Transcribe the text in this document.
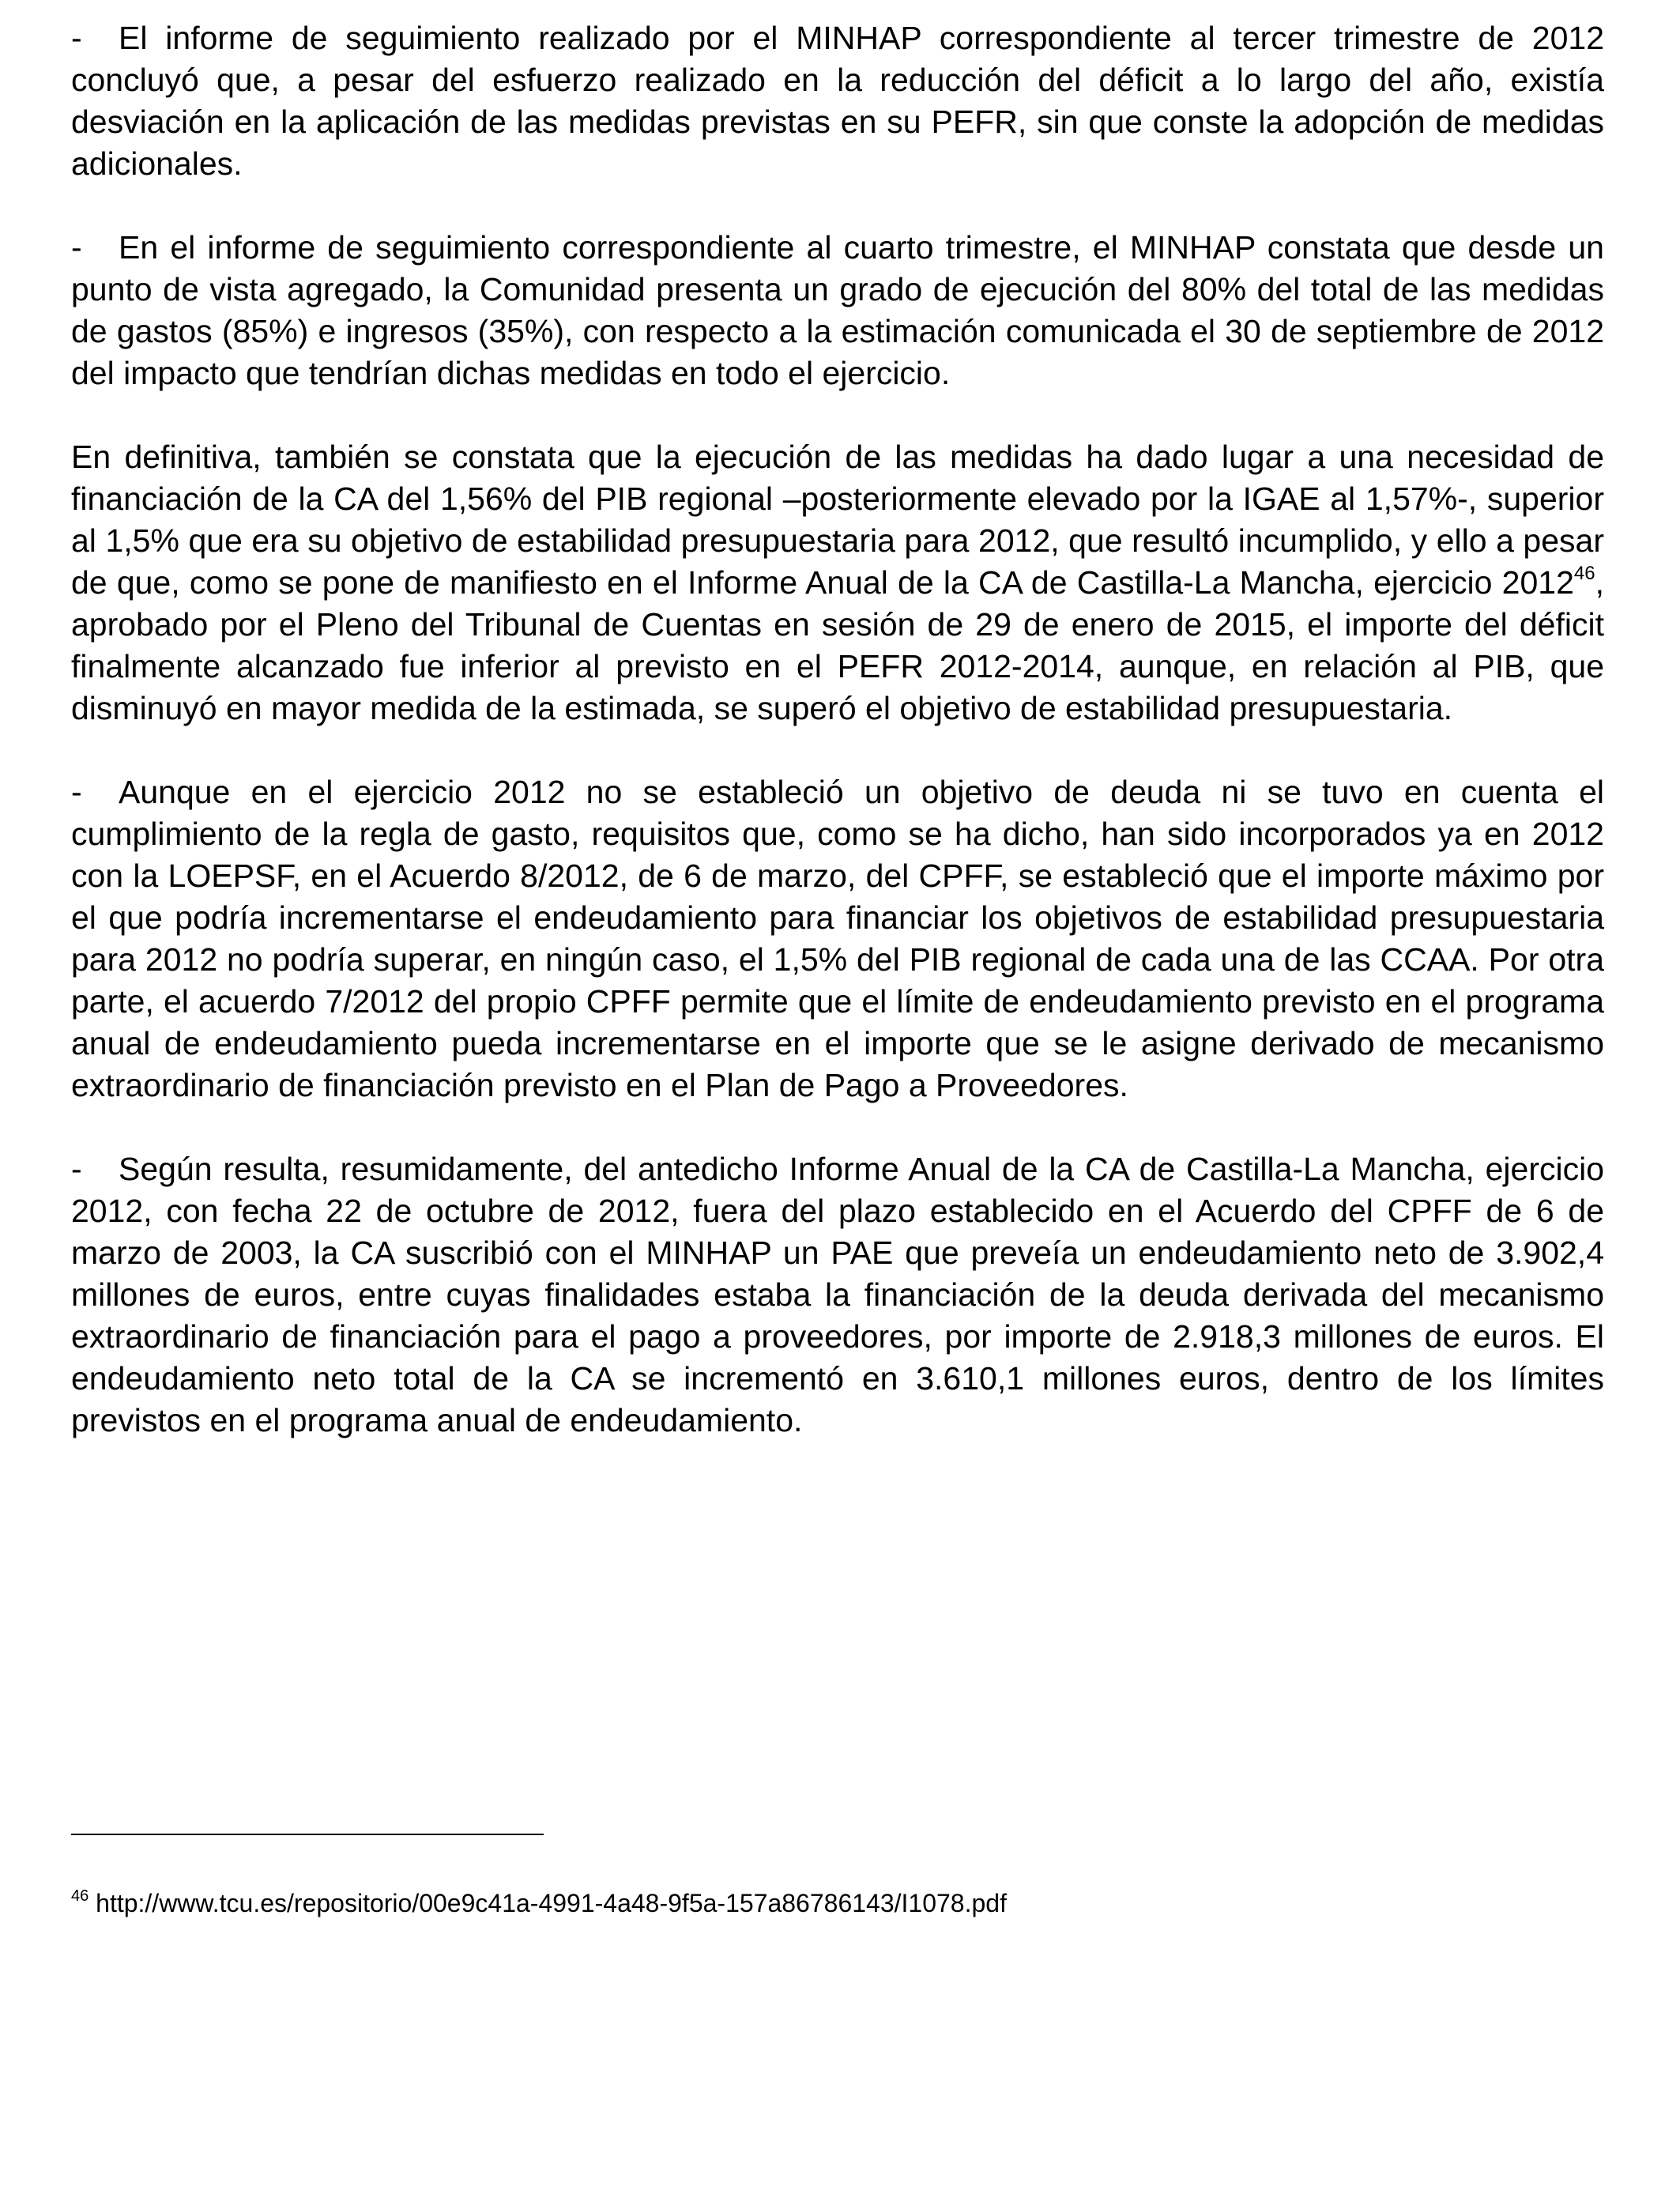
- El informe de seguimiento realizado por el MINHAP correspondiente al tercer trimestre de 2012 concluyó que, a pesar del esfuerzo realizado en la reducción del déficit a lo largo del año, existía desviación en la aplicación de las medidas previstas en su PEFR, sin que conste la adopción de medidas adicionales.

- En el informe de seguimiento correspondiente al cuarto trimestre, el MINHAP constata que desde un punto de vista agregado, la Comunidad presenta un grado de ejecución del 80% del total de las medidas de gastos (85%) e ingresos (35%), con respecto a la estimación comunicada el 30 de septiembre de 2012 del impacto que tendrían dichas medidas en todo el ejercicio.

En definitiva, también se constata que la ejecución de las medidas ha dado lugar a una necesidad de financiación de la CA del 1,56% del PIB regional –posteriormente elevado por la IGAE al 1,57%-, superior al 1,5% que era su objetivo de estabilidad presupuestaria para 2012, que resultó incumplido, y ello a pesar de que, como se pone de manifiesto en el Informe Anual de la CA de Castilla-La Mancha, ejercicio 2012$^{46}$, aprobado por el Pleno del Tribunal de Cuentas en sesión de 29 de enero de 2015, el importe del déficit finalmente alcanzado fue inferior al previsto en el PEFR 2012-2014, aunque, en relación al PIB, que disminuyó en mayor medida de la estimada, se superó el objetivo de estabilidad presupuestaria.

- Aunque en el ejercicio 2012 no se estableció un objetivo de deuda ni se tuvo en cuenta el cumplimiento de la regla de gasto, requisitos que, como se ha dicho, han sido incorporados ya en 2012 con la LOEPSF, en el Acuerdo 8/2012, de 6 de marzo, del CPFF, se estableció que el importe máximo por el que podría incrementarse el endeudamiento para financiar los objetivos de estabilidad presupuestaria para 2012 no podría superar, en ningún caso, el 1,5% del PIB regional de cada una de las CCAA. Por otra parte, el acuerdo 7/2012 del propio CPFF permite que el límite de endeudamiento previsto en el programa anual de endeudamiento pueda incrementarse en el importe que se le asigne derivado de mecanismo extraordinario de financiación previsto en el Plan de Pago a Proveedores.

- Según resulta, resumidamente, del antedicho Informe Anual de la CA de Castilla-La Mancha, ejercicio 2012, con fecha 22 de octubre de 2012, fuera del plazo establecido en el Acuerdo del CPFF de 6 de marzo de 2003, la CA suscribió con el MINHAP un PAE que preveía un endeudamiento neto de 3.902,4 millones de euros, entre cuyas finalidades estaba la financiación de la deuda derivada del mecanismo extraordinario de financiación para el pago a proveedores, por importe de 2.918,3 millones de euros. El endeudamiento neto total de la CA se incrementó en 3.610,1 millones euros, dentro de los límites previstos en el programa anual de endeudamiento.

$^{46}$ http://www.tcu.es/repositorio/00e9c41a-4991-4a48-9f5a-157a86786143/I1078.pdf
